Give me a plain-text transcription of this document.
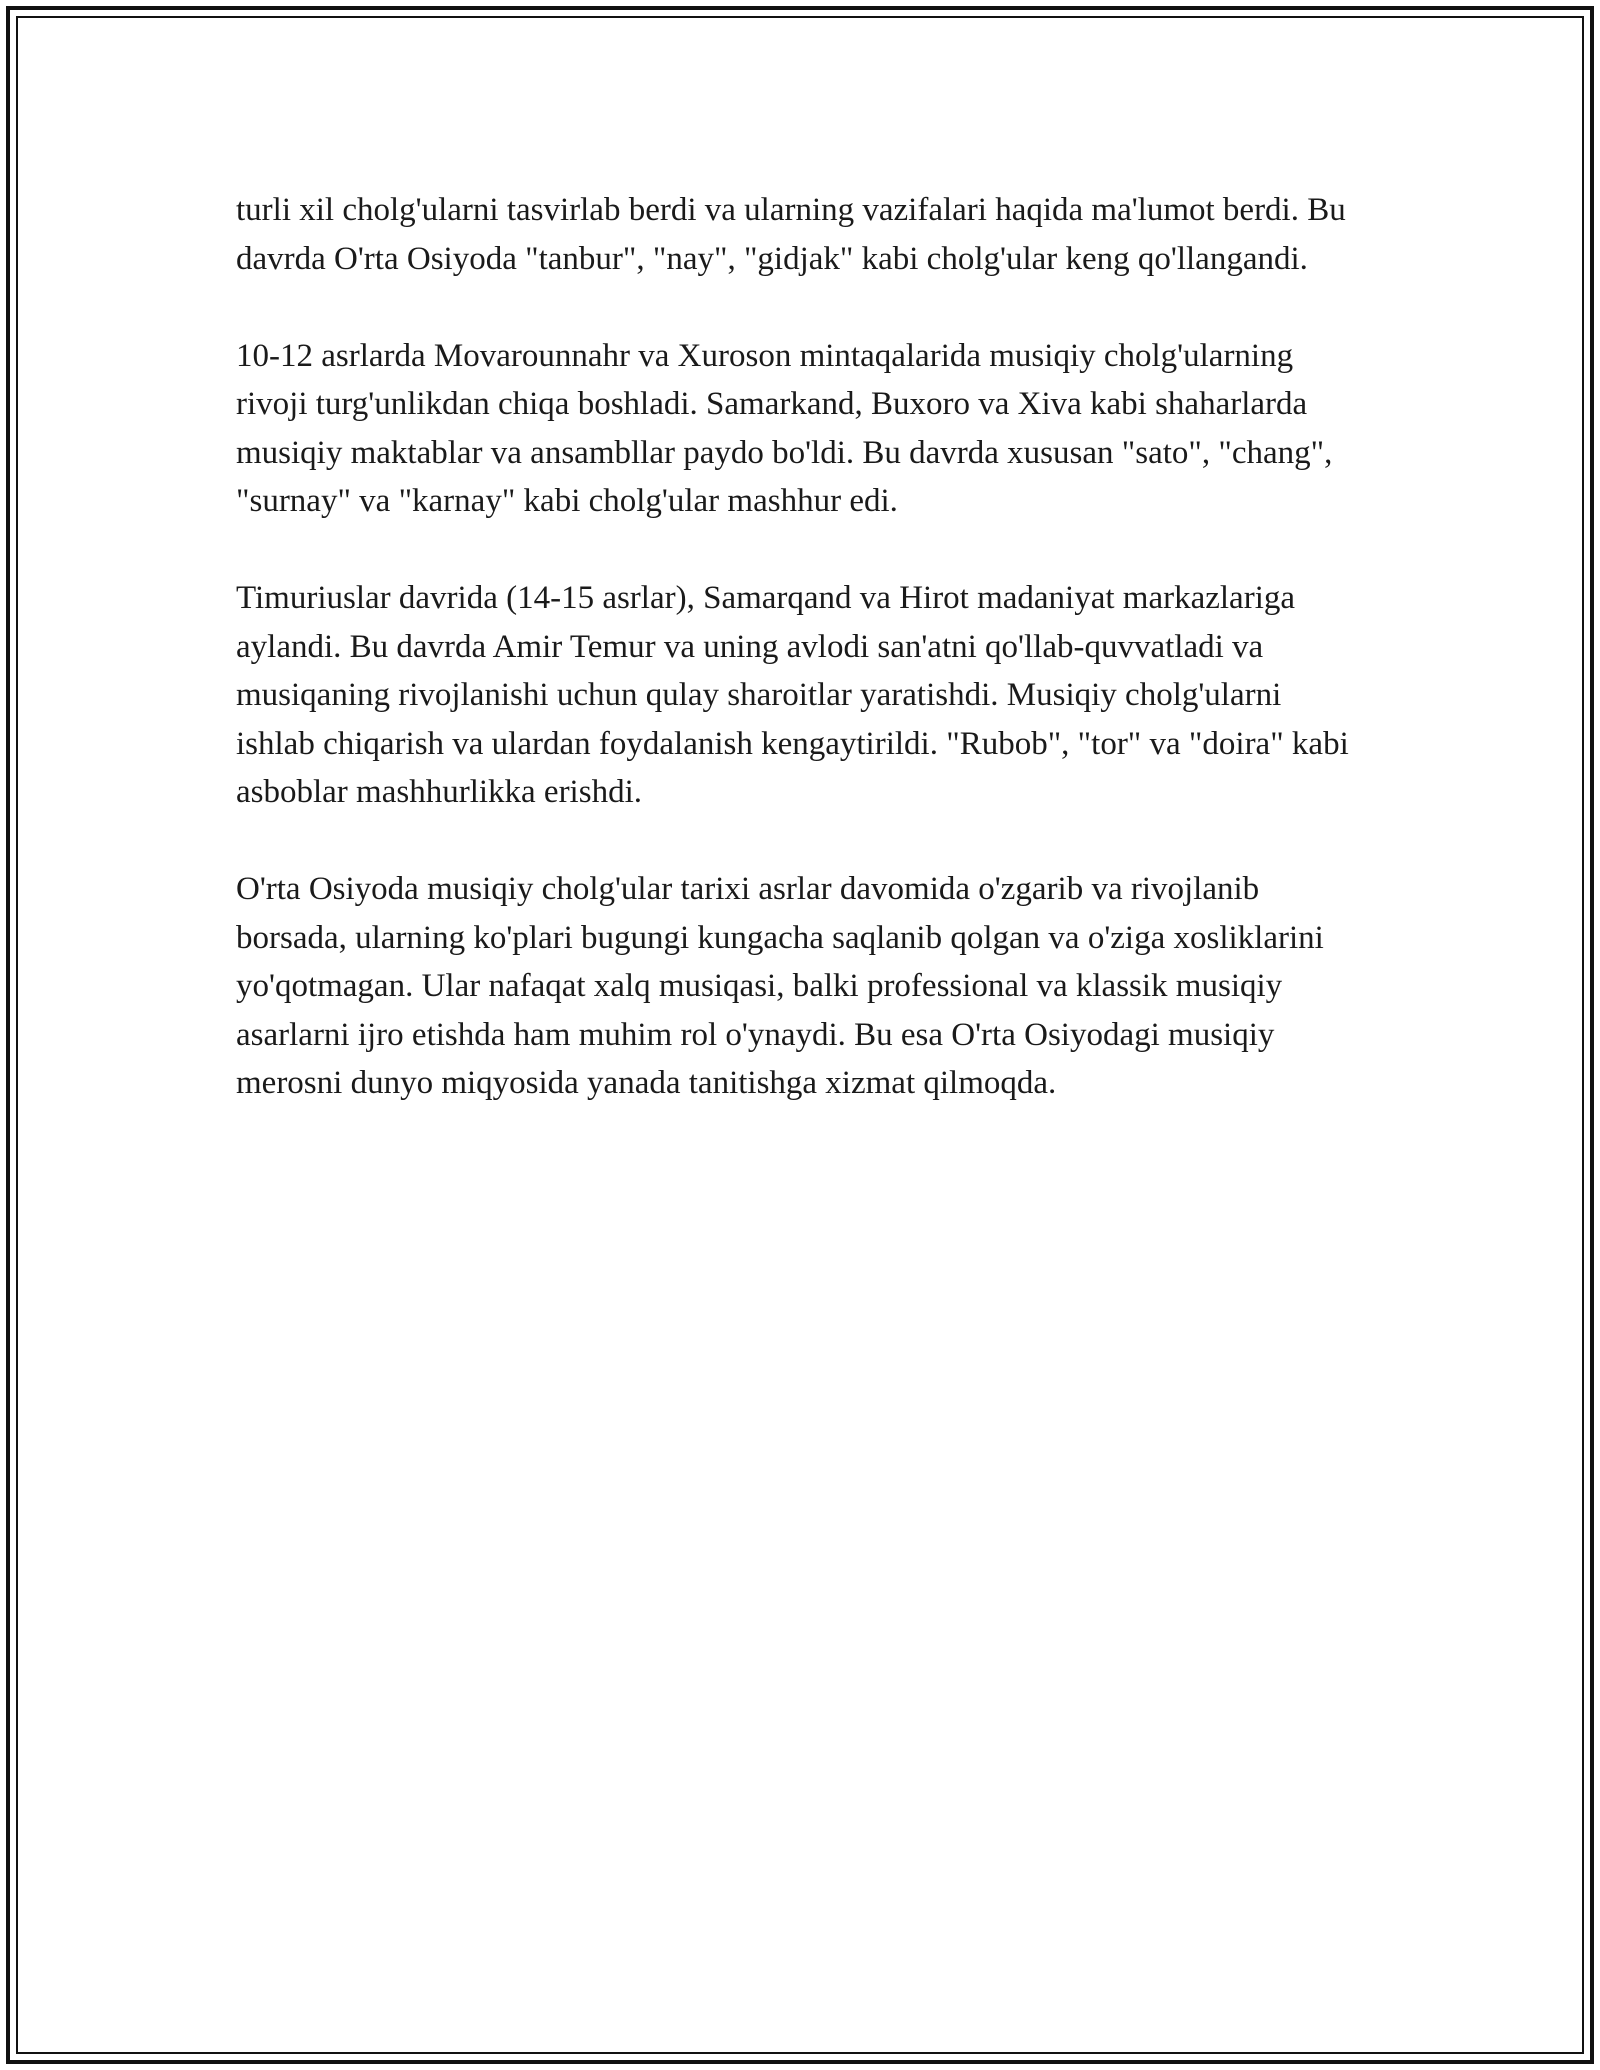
turli xil cholg'ularni tasvirlab berdi va ularning vazifalari haqida ma'lumot berdi. Bu davrda O'rta Osiyoda "tanbur", "nay", "gidjak" kabi cholg'ular keng qo'llangandi.

10-12 asrlarda Movarounnahr va Xuroson mintaqalarida musiqiy cholg'ularning rivoji turg'unlikdan chiqa boshladi. Samarkand, Buxoro va Xiva kabi shaharlarda musiqiy maktablar va ansambllar paydo bo'ldi. Bu davrda xususan "sato", "chang", "surnay" va "karnay" kabi cholg'ular mashhur edi.

Timuriuslar davrida (14-15 asrlar), Samarqand va Hirot madaniyat markazlariga aylandi. Bu davrda Amir Temur va uning avlodi san'atni qo'llab-quvvatladi va musiqaning rivojlanishi uchun qulay sharoitlar yaratishdi. Musiqiy cholg'ularni ishlab chiqarish va ulardan foydalanish kengaytirildi. "Rubob", "tor" va "doira" kabi asboblar mashhurlikka erishdi.

O'rta Osiyoda musiqiy cholg'ular tarixi asrlar davomida o'zgarib va rivojlanib borsada, ularning ko'plari bugungi kungacha saqlanib qolgan va o'ziga xosliklarini yo'qotmagan. Ular nafaqat xalq musiqasi, balki professional va klassik musiqiy asarlarni ijro etishda ham muhim rol o'ynaydi. Bu esa O'rta Osiyodagi musiqiy merosni dunyo miqyosida yanada tanitishga xizmat qilmoqda.
